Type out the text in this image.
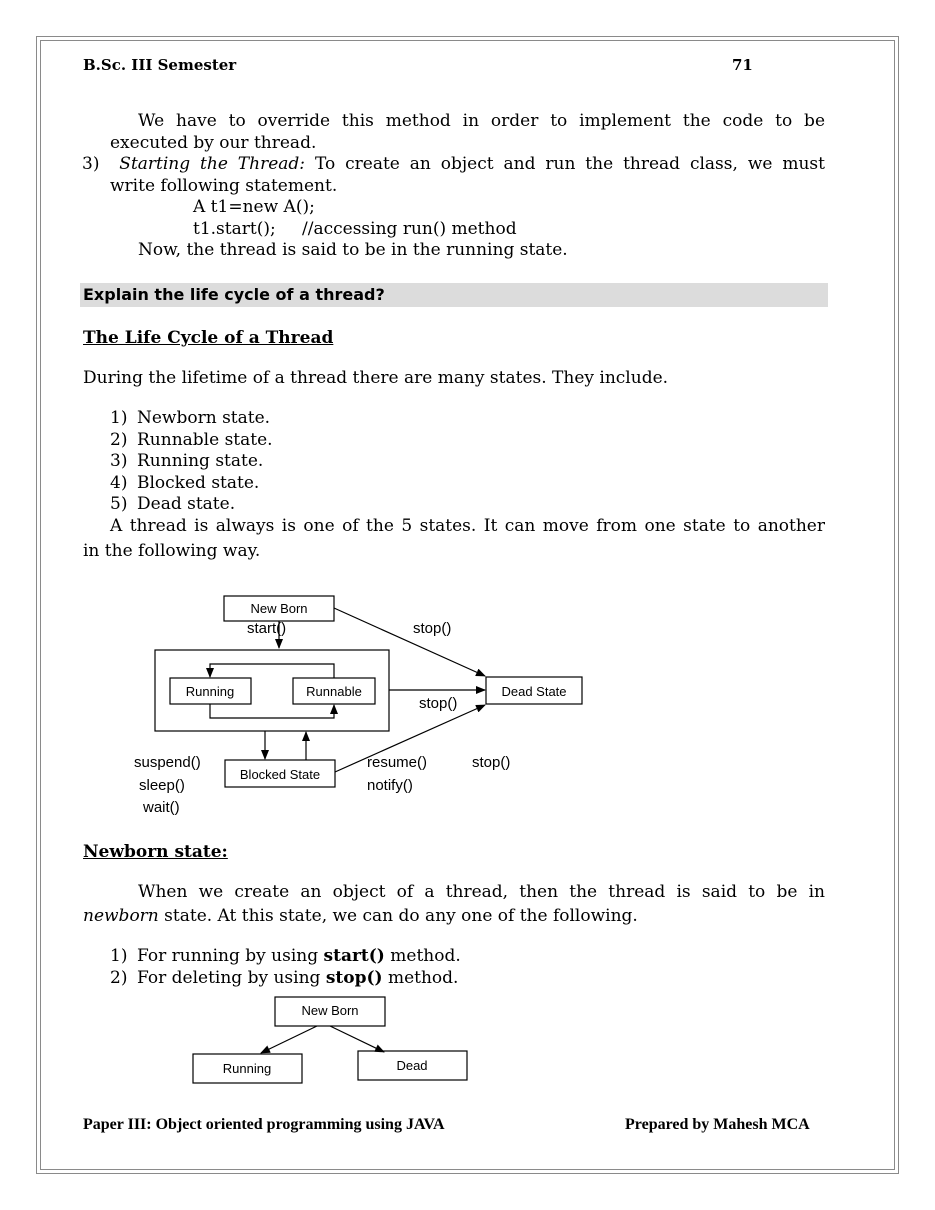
B.Sc. III Semester	71
We have to override this method in order to implement the code to be
executed by our thread.
3) Starting the Thread: To create an object and run the thread class, we must
write following statement.
A t1=new A();
t1.start(); //accessing run() method
Now, the thread is said to be in the running state.
Explain the life cycle of a thread?
The Life Cycle of a Thread
During the lifetime of a thread there are many states. They include.
1) Newborn state.
2) Runnable state.
3) Running state.
4) Blocked state.
5) Dead state.
A thread is always is one of the 5 states. It can move from one state to another
in the following way.
New Born
start()	stop()
Running	Runnable	Dead State
stop()
Blocked State
suspend()
sleep()
wait()
resume()
notify()
stop()
New Born
Running	Dead
Newborn state:
When we create an object of a thread, then the thread is said to be in
newborn state. At this state, we can do any one of the following.
1) For running by using start() method.
2) For deleting by using stop() method.
Paper III: Object oriented programming using JAVA	Prepared by Mahesh MCA
